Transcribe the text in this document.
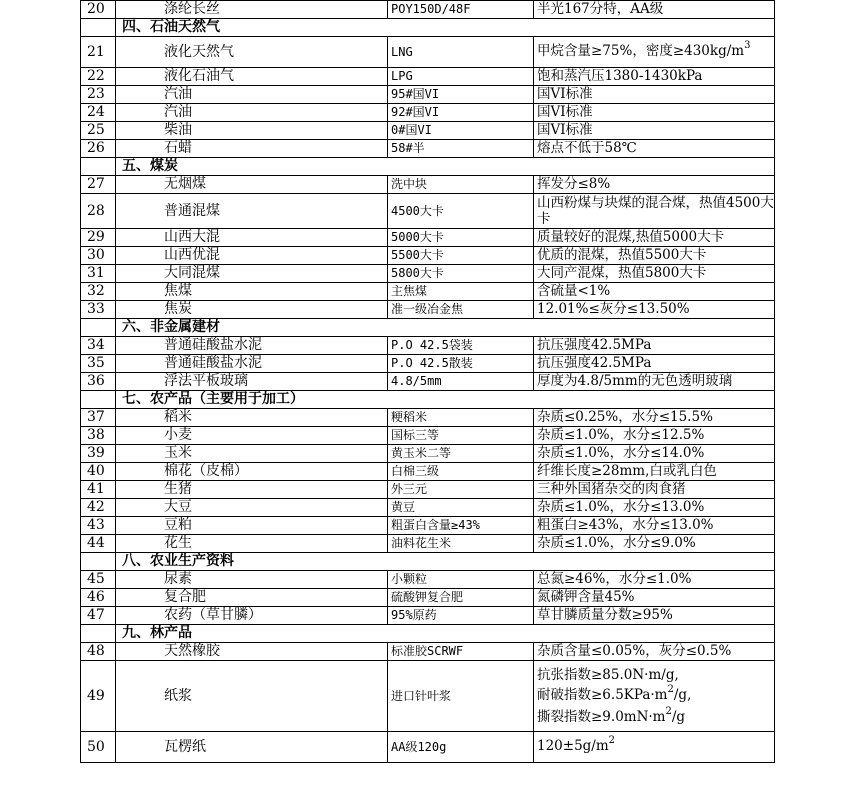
20	涤纶长丝	POY150D/48F	半光167分特，AA级
	四、石油天然气		
21	液化天然气	LNG	甲烷含量≥75%，密度$\ge 430kg/m^3$
22	液化石油气	LPG	饱和蒸汽压1380-1430kPa
23	汽油	95#国VI	国VI标准
24	汽油	92#国VI	国VI标准
25	柴油	0#国VI	国VI标准
26	石蜡	58#半	熔点不低于58℃
	五、煤炭		
27	无烟煤	洗中块	挥发分≤8%
28	普通混煤	4500大卡	山西粉煤与块煤的混合煤，热值4500大卡
29	山西大混	5000大卡	质量较好的混煤,热值5000大卡
30	山西优混	5500大卡	优质的混煤，热值5500大卡
31	大同混煤	5800大卡	大同产混煤，热值5800大卡
32	焦煤	主焦煤	含硫量<1%
33	焦炭	准一级冶金焦	12.01%≤灰分≤13.50%
	六、非金属建材		
34	普通硅酸盐水泥	P.O 42.5袋装	抗压强度42.5MPa
35	普通硅酸盐水泥	P.O 42.5散装	抗压强度42.5MPa
36	浮法平板玻璃	4.8/5mm	厚度为4.8/5mm的无色透明玻璃
	七、农产品（主要用于加工）		
37	稻米	粳稻米	杂质≤0.25%，水分≤15.5%
38	小麦	国标三等	杂质≤1.0%，水分≤12.5%
39	玉米	黄玉米二等	杂质≤1.0%，水分≤14.0%
40	棉花（皮棉）	白棉三级	纤维长度≥28mm,白或乳白色
41	生猪	外三元	三种外国猪杂交的肉食猪
42	大豆	黄豆	杂质≤1.0%，水分≤13.0%
43	豆粕	粗蛋白含量≥43%	粗蛋白≥43%，水分≤13.0%
44	花生	油料花生米	杂质≤1.0%，水分≤9.0%
	八、农业生产资料		
45	尿素	小颗粒	总氮≥46%，水分≤1.0%
46	复合肥	硫酸钾复合肥	氮磷钾含量45%
47	农药（草甘膦）	95%原药	草甘膦质量分数≥95%
	九、林产品		
48	天然橡胶	标准胶SCRWF	杂质含量≤0.05%，灰分≤0.5%
49	纸浆	进口针叶浆	抗张指数≥85.0N·m/g,
耐破指数$\ge 6.5KPa\cdot m^2/g$,
撕裂指数$\ge 9.0mN\cdot m^2/g$

50	瓦楞纸	AA级120g	$120\pm 5g/m^2$
